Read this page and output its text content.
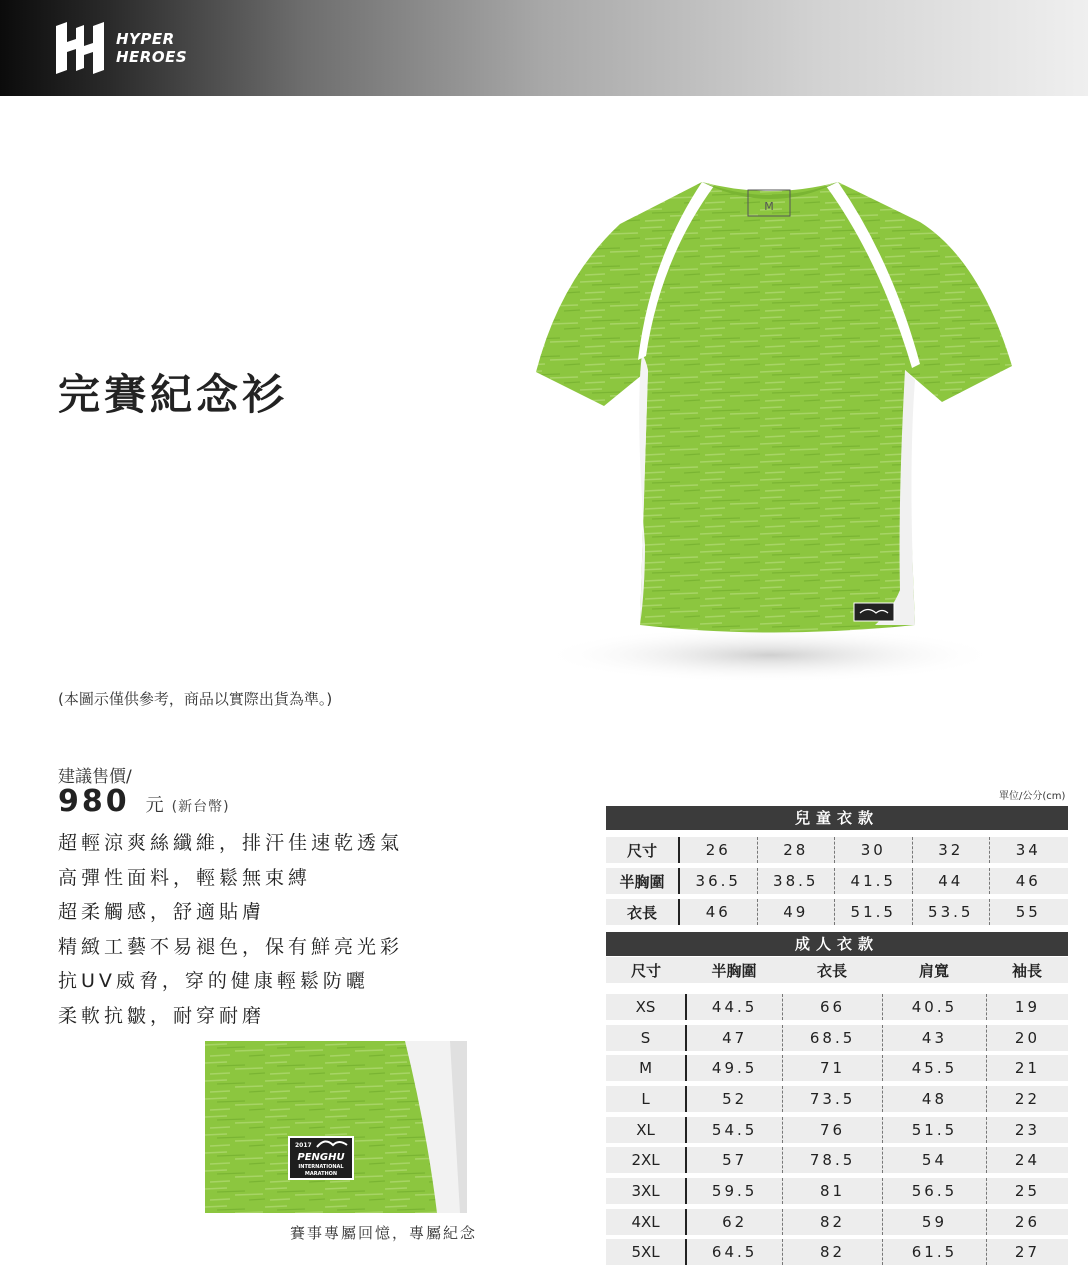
HYPER
HEROES
完賽紀念衫
M
(本圖示僅供參考，商品以實際出貨為準。)
建議售價/
980 元 (新台幣)
超輕涼爽絲纖維，排汗佳速乾透氣
高彈性面料，輕鬆無束縛
超柔觸感，舒適貼膚
精緻工藝不易褪色，保有鮮亮光彩
抗UV威脅，穿的健康輕鬆防曬
柔軟抗皺，耐穿耐磨
2017
PENGHU
INTERNATIONAL
MARATHON
賽事專屬回憶，專屬紀念
單位/公分(cm)
兒童衣款
尺寸	26	28	30	32	34
半胸圍	36.5	38.5	41.5	44	46
衣長	46	49	51.5	53.5	55
成人衣款
尺寸	半胸圍	衣長	肩寬	袖長
XS	44.5	66	40.5	19
S	47	68.5	43	20
M	49.5	71	45.5	21
L	52	73.5	48	22
XL	54.5	76	51.5	23
2XL	57	78.5	54	24
3XL	59.5	81	56.5	25
4XL	62	82	59	26
5XL	64.5	82	61.5	27
